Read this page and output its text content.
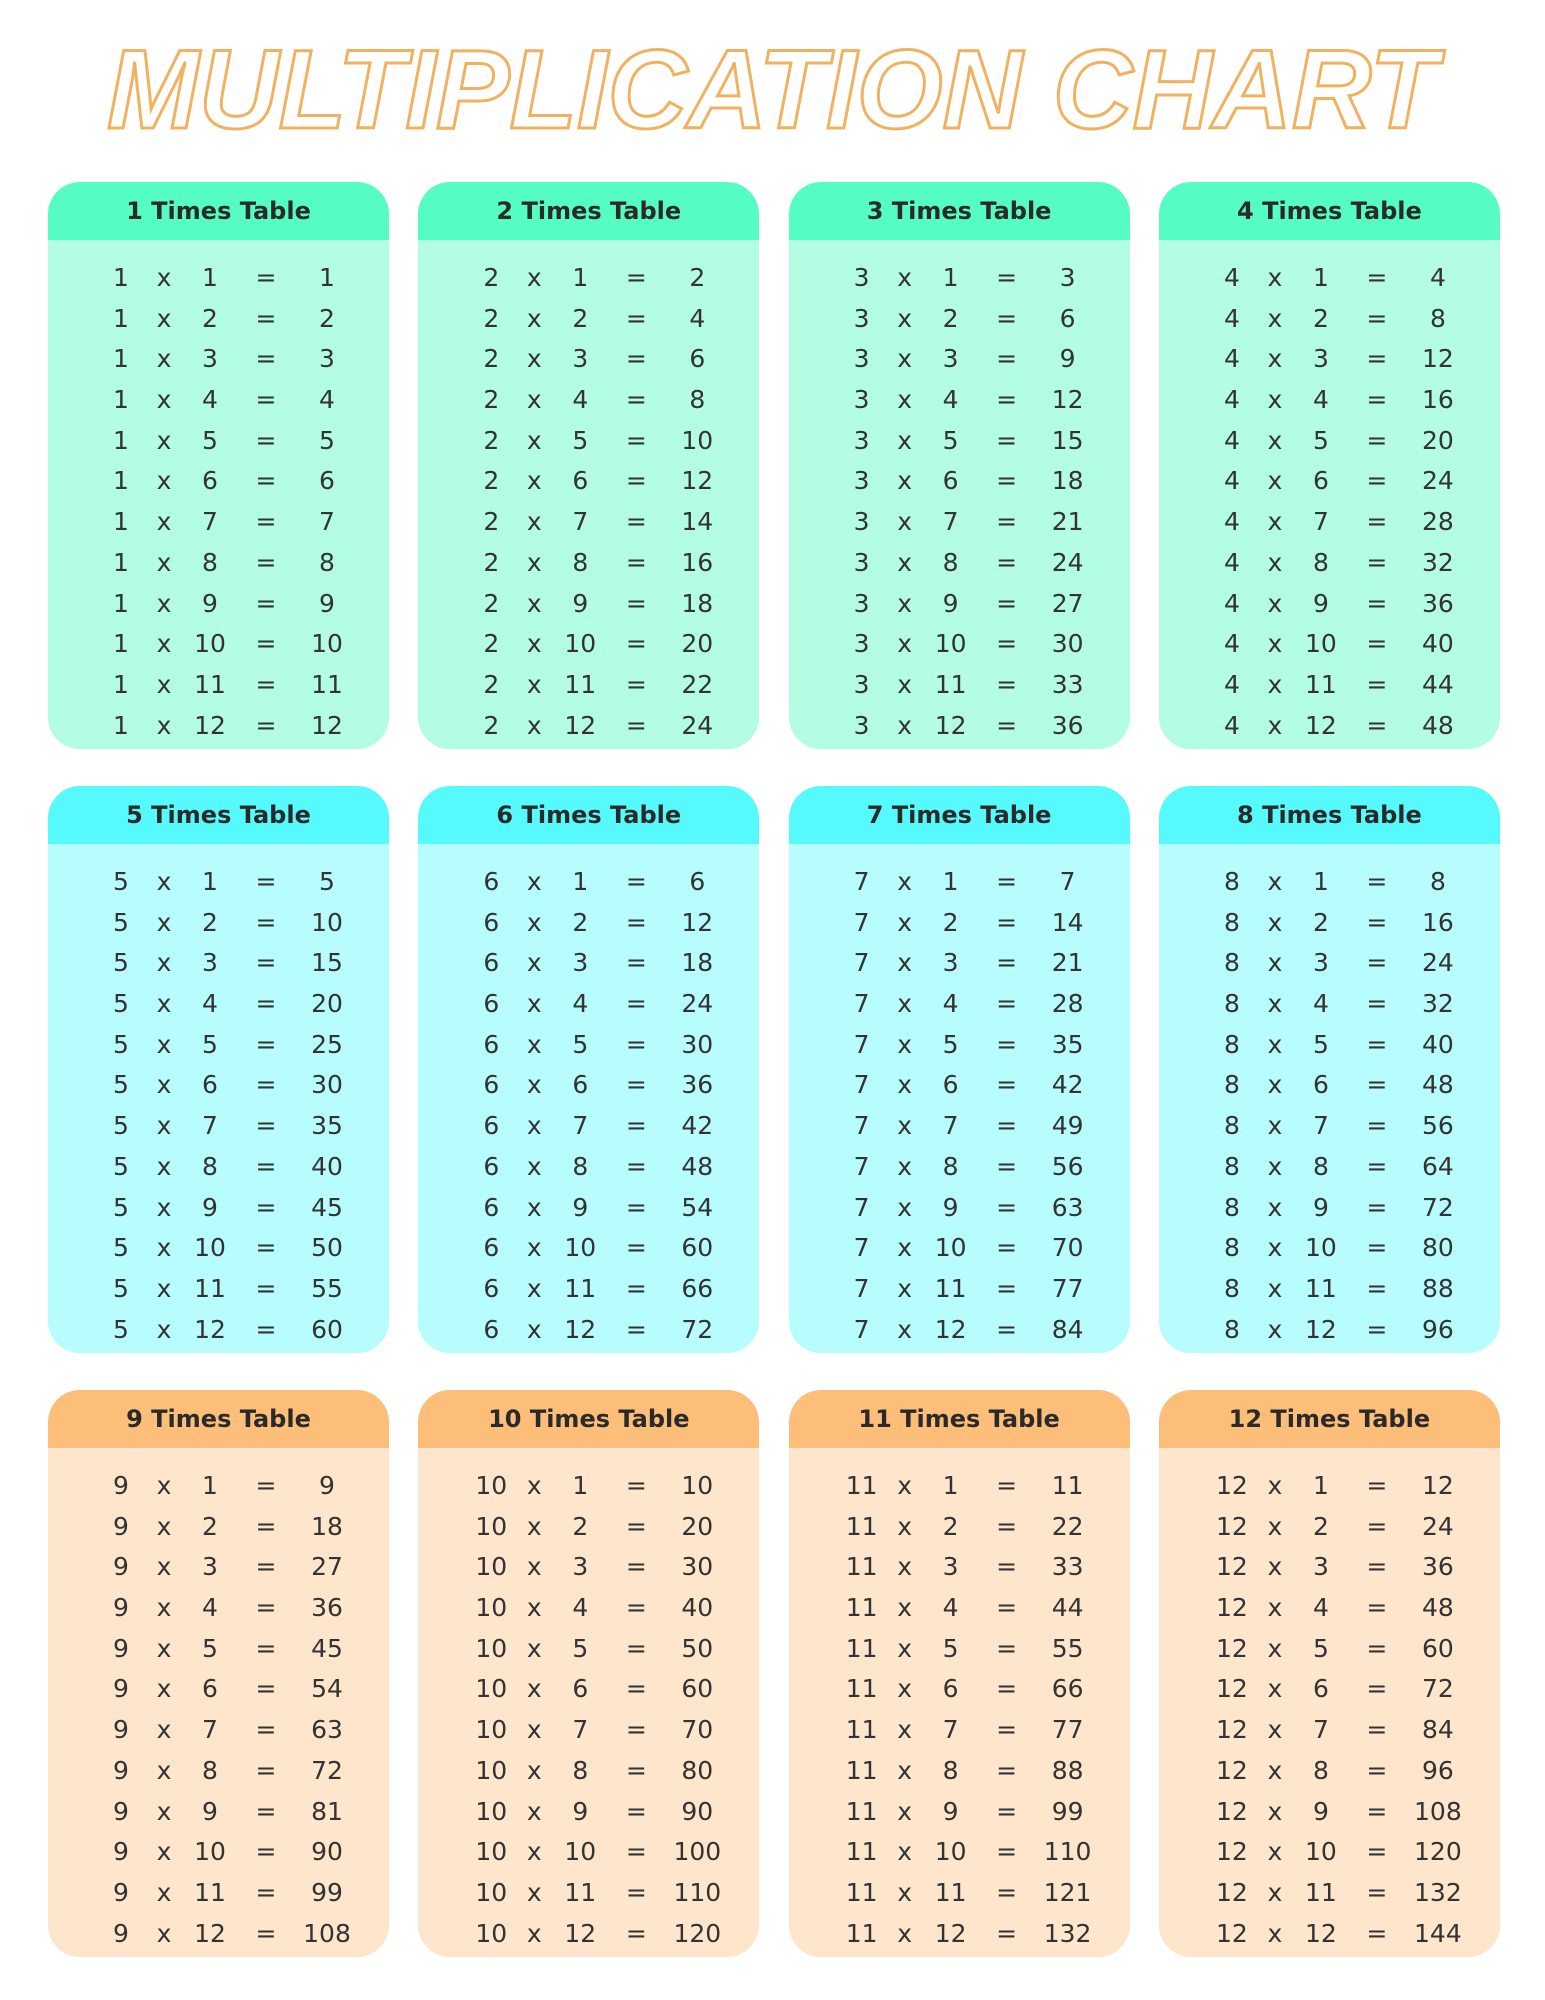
MULTIPLICATION CHART
1 Times Table
1	x	1	=	1
1	x	2	=	2
1	x	3	=	3
1	x	4	=	4
1	x	5	=	5
1	x	6	=	6
1	x	7	=	7
1	x	8	=	8
1	x	9	=	9
1	x 10	=	10
1	x 11	=	11
1	x 12	=	12
2 Times Table
2	x	1	=	2
2	x	2	=	4
2	x	3	=	6
2	x	4	=	8
2	x	5	=	10
2	x	6	=	12
2	x	7	=	14
2	x	8	=	16
2	x	9	=	18
2	x 10	=	20
2	x 11	=	22
2	x 12	=	24
3 Times Table
3	x	1	=	3
3	x	2	=	6
3	x	3	=	9
3	x	4	=	12
3	x	5	=	15
3	x	6	=	18
3	x	7	=	21
3	x	8	=	24
3	x	9	=	27
3	x 10	=	30
3	x 11	=	33
3	x 12	=	36
4 Times Table
4	x	1	=	4
4	x	2	=	8
4	x	3	=	12
4	x	4	=	16
4	x	5	=	20
4	x	6	=	24
4	x	7	=	28
4	x	8	=	32
4	x	9	=	36
4	x 10	=	40
4	x 11	=	44
4	x 12	=	48
5 Times Table
5	x	1	=	5
5	x	2	=	10
5	x	3	=	15
5	x	4	=	20
5	x	5	=	25
5	x	6	=	30
5	x	7	=	35
5	x	8	=	40
5	x	9	=	45
5	x 10	=	50
5	x 11	=	55
5	x 12	=	60
6 Times Table
6	x	1	=	6
6	x	2	=	12
6	x	3	=	18
6	x	4	=	24
6	x	5	=	30
6	x	6	=	36
6	x	7	=	42
6	x	8	=	48
6	x	9	=	54
6	x 10	=	60
6	x 11	=	66
6	x 12	=	72
7 Times Table
7	x	1	=	7
7	x	2	=	14
7	x	3	=	21
7	x	4	=	28
7	x	5	=	35
7	x	6	=	42
7	x	7	=	49
7	x	8	=	56
7	x	9	=	63
7	x 10	=	70
7	x 11	=	77
7	x 12	=	84
8 Times Table
8	x	1	=	8
8	x	2	=	16
8	x	3	=	24
8	x	4	=	32
8	x	5	=	40
8	x	6	=	48
8	x	7	=	56
8	x	8	=	64
8	x	9	=	72
8	x 10	=	80
8	x 11	=	88
8	x 12	=	96
9 Times Table
9	x	1	=	9
9	x	2	=	18
9	x	3	=	27
9	x	4	=	36
9	x	5	=	45
9	x	6	=	54
9	x	7	=	63
9	x	8	=	72
9	x	9	=	81
9	x 10	=	90
9	x 11	=	99
9	x 12	=	108
10 Times Table
10 x	1	=	10
10 x	2	=	20
10 x	3	=	30
10 x	4	=	40
10 x	5	=	50
10 x	6	=	60
10 x	7	=	70
10 x	8	=	80
10 x	9	=	90
10 x 10	=	100
10 x 11	=	110
10 x 12	=	120
11 Times Table
11 x	1	=	11
11 x	2	=	22
11 x	3	=	33
11 x	4	=	44
11 x	5	=	55
11 x	6	=	66
11 x	7	=	77
11 x	8	=	88
11 x	9	=	99
11 x 10	=	110
11 x 11	=	121
11 x 12	=	132
12 Times Table
12 x	1	=	12
12 x	2	=	24
12 x	3	=	36
12 x	4	=	48
12 x	5	=	60
12 x	6	=	72
12 x	7	=	84
12 x	8	=	96
12 x	9	=	108
12 x 10	=	120
12 x 11	=	132
12 x 12	=	144
